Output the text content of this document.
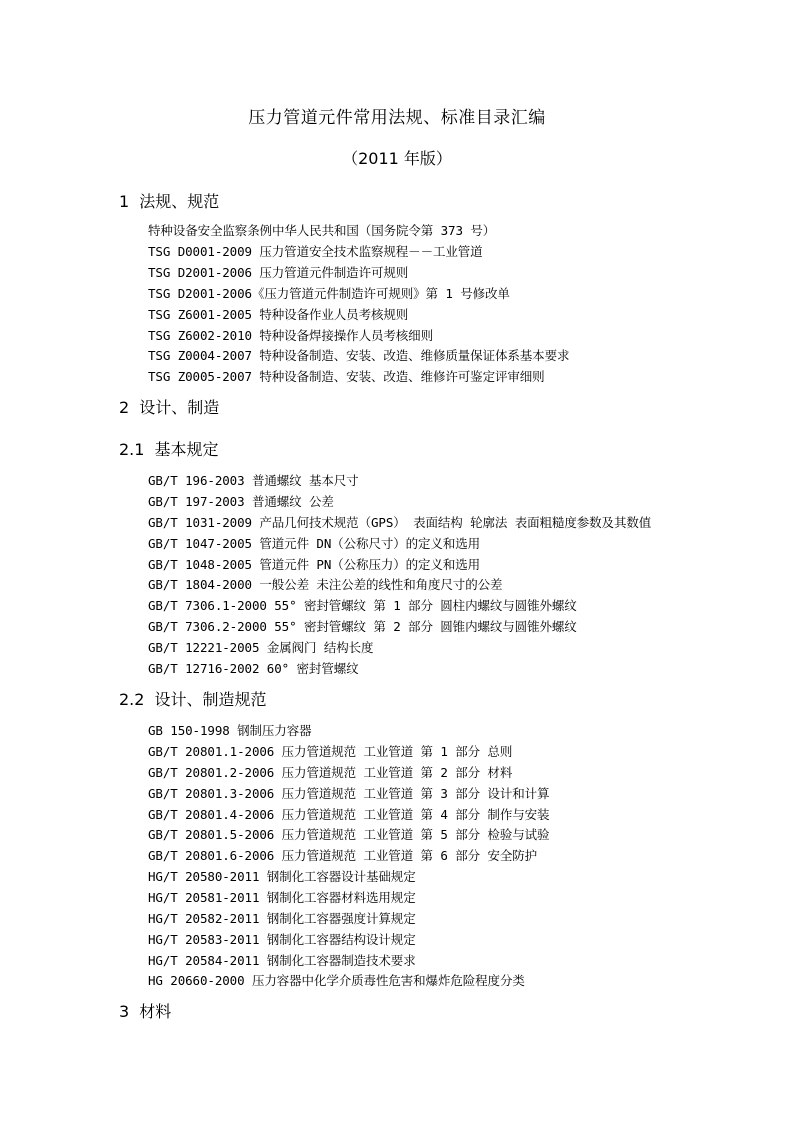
压力管道元件常用法规、标准目录汇编
（2011 年版）
1 法规、规范
特种设备安全监察条例中华人民共和国（国务院令第 373 号）
TSG D0001-2009 压力管道安全技术监察规程－－工业管道
TSG D2001-2006 压力管道元件制造许可规则
TSG D2001-2006《压力管道元件制造许可规则》第 1 号修改单
TSG Z6001-2005 特种设备作业人员考核规则
TSG Z6002-2010 特种设备焊接操作人员考核细则
TSG Z0004-2007 特种设备制造、安装、改造、维修质量保证体系基本要求
TSG Z0005-2007 特种设备制造、安装、改造、维修许可鉴定评审细则
2 设计、制造
2.1 基本规定
GB/T 196-2003 普通螺纹 基本尺寸
GB/T 197-2003 普通螺纹 公差
GB/T 1031-2009 产品几何技术规范（GPS） 表面结构 轮廓法 表面粗糙度参数及其数值
GB/T 1047-2005 管道元件 DN（公称尺寸）的定义和选用
GB/T 1048-2005 管道元件 PN（公称压力）的定义和选用
GB/T 1804-2000 一般公差 未注公差的线性和角度尺寸的公差
GB/T 7306.1-2000 55° 密封管螺纹 第 1 部分 圆柱内螺纹与圆锥外螺纹
GB/T 7306.2-2000 55° 密封管螺纹 第 2 部分 圆锥内螺纹与圆锥外螺纹
GB/T 12221-2005 金属阀门 结构长度
GB/T 12716-2002 60° 密封管螺纹
2.2 设计、制造规范
GB 150-1998 钢制压力容器
GB/T 20801.1-2006 压力管道规范 工业管道 第 1 部分 总则
GB/T 20801.2-2006 压力管道规范 工业管道 第 2 部分 材料
GB/T 20801.3-2006 压力管道规范 工业管道 第 3 部分 设计和计算
GB/T 20801.4-2006 压力管道规范 工业管道 第 4 部分 制作与安装
GB/T 20801.5-2006 压力管道规范 工业管道 第 5 部分 检验与试验
GB/T 20801.6-2006 压力管道规范 工业管道 第 6 部分 安全防护
HG/T 20580-2011 钢制化工容器设计基础规定
HG/T 20581-2011 钢制化工容器材料选用规定
HG/T 20582-2011 钢制化工容器强度计算规定
HG/T 20583-2011 钢制化工容器结构设计规定
HG/T 20584-2011 钢制化工容器制造技术要求
HG 20660-2000 压力容器中化学介质毒性危害和爆炸危险程度分类
3 材料
